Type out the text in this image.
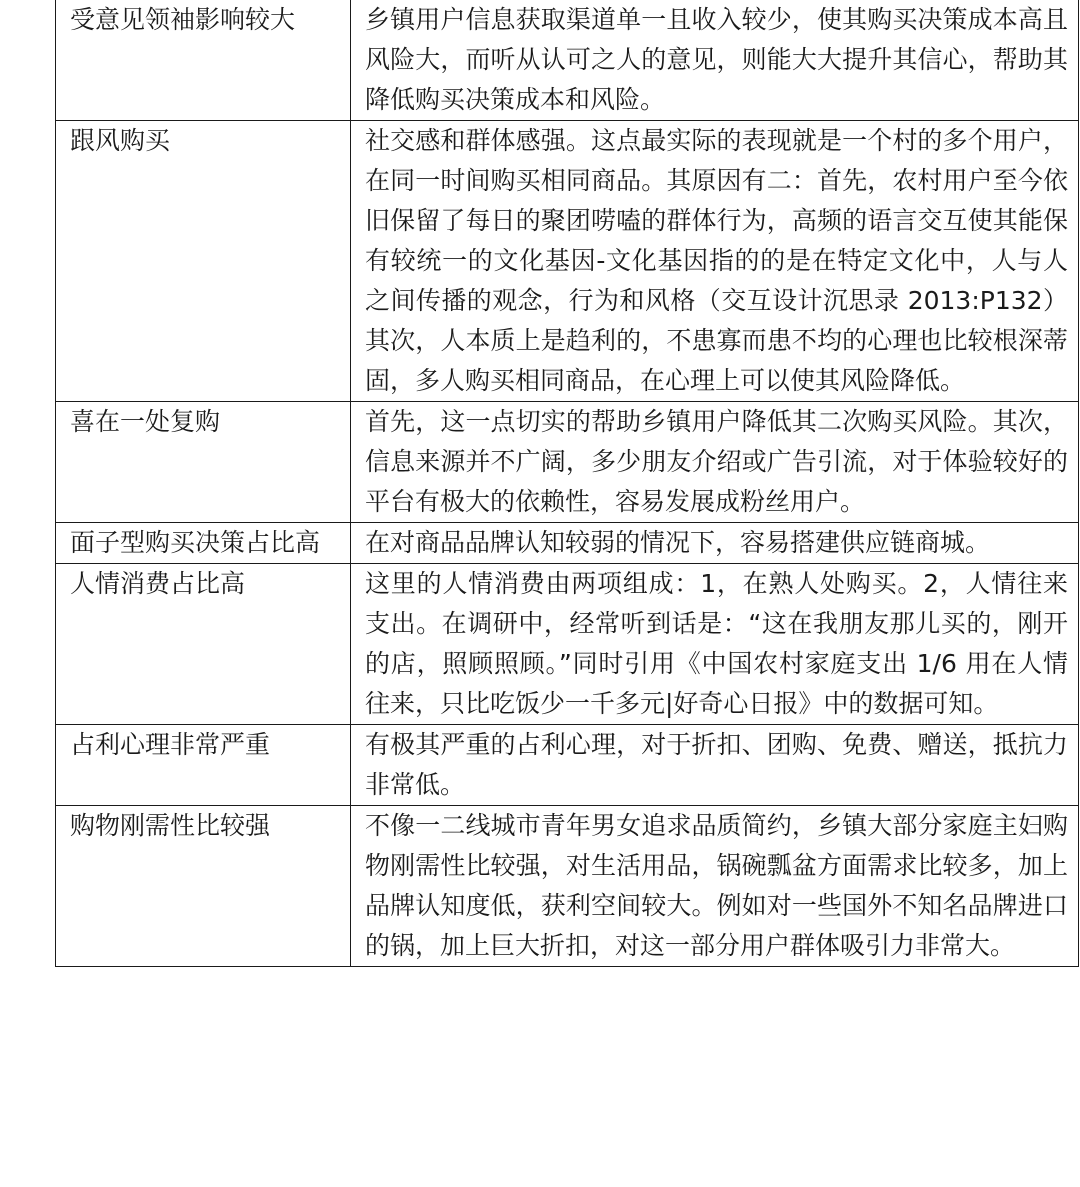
受意见领袖影响较大	乡镇用户信息获取渠道单一且收入较少，使其购买决策成本高且风险大，而听从认可之人的意见，则能大大提升其信心，帮助其降低购买决策成本和风险。
跟风购买	社交感和群体感强。这点最实际的表现就是一个村的多个用户，在同一时间购买相同商品。其原因有二：首先，农村用户至今依旧保留了每日的聚团唠嗑的群体行为，高频的语言交互使其能保有较统一的文化基因-文化基因指的的是在特定文化中，人与人之间传播的观念，行为和风格（交互设计沉思录 2013:P132）其次，人本质上是趋利的，不患寡而患不均的心理也比较根深蒂固，多人购买相同商品，在心理上可以使其风险降低。
喜在一处复购	首先，这一点切实的帮助乡镇用户降低其二次购买风险。其次，信息来源并不广阔，多少朋友介绍或广告引流，对于体验较好的平台有极大的依赖性，容易发展成粉丝用户。
面子型购买决策占比高	在对商品品牌认知较弱的情况下，容易搭建供应链商城。
人情消费占比高	这里的人情消费由两项组成：1，在熟人处购买。2，人情往来支出。在调研中，经常听到话是：“这在我朋友那儿买的，刚开的店，照顾照顾。”同时引用《中国农村家庭支出 1/6 用在人情往来，只比吃饭少一千多元|好奇心日报》中的数据可知。
占利心理非常严重	有极其严重的占利心理，对于折扣、团购、免费、赠送，抵抗力非常低。
购物刚需性比较强	不像一二线城市青年男女追求品质简约，乡镇大部分家庭主妇购物刚需性比较强，对生活用品，锅碗瓢盆方面需求比较多，加上品牌认知度低，获利空间较大。例如对一些国外不知名品牌进口的锅，加上巨大折扣，对这一部分用户群体吸引力非常大。
